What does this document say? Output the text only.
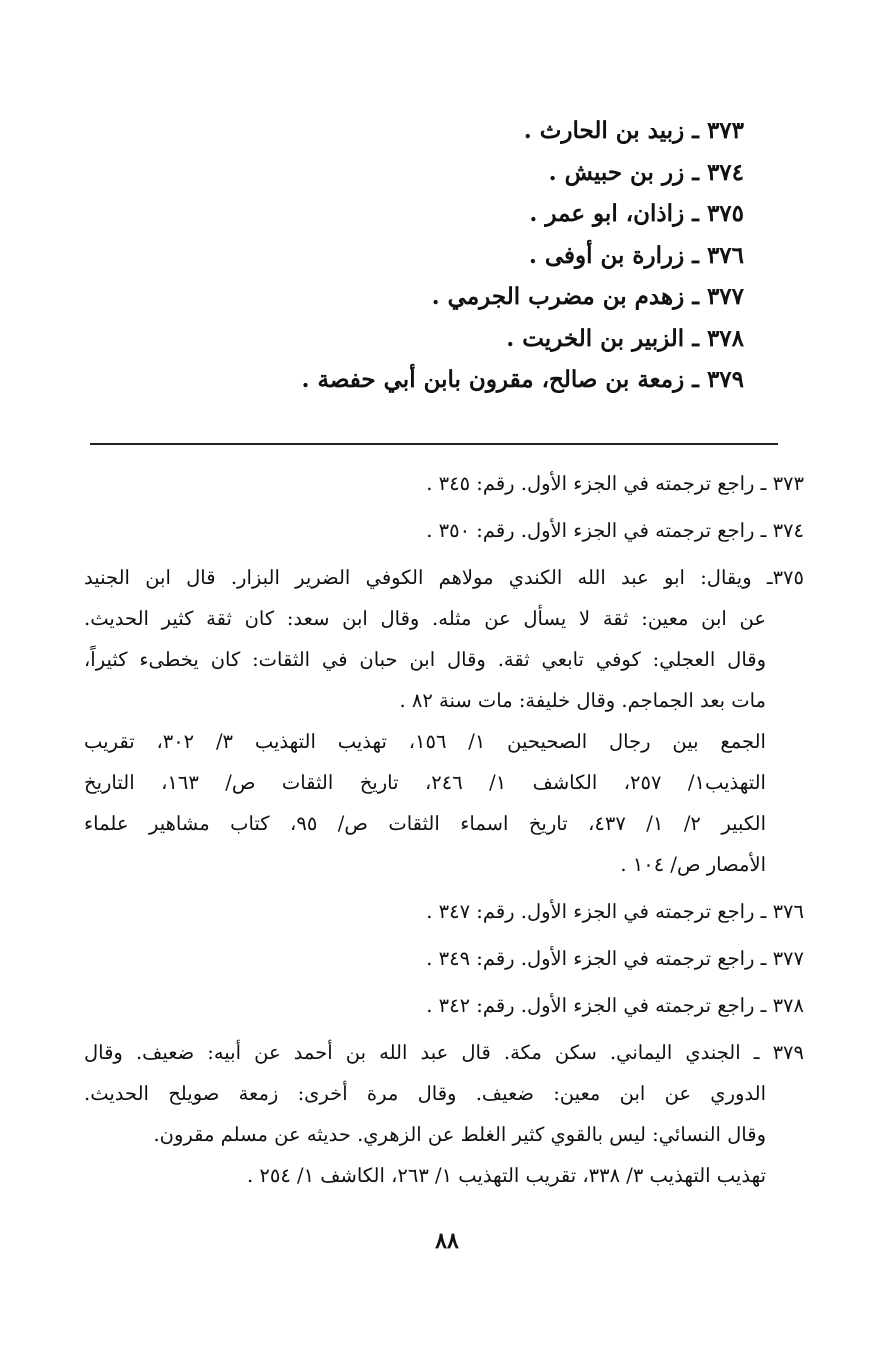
٣٧٣ ـ زبيد بن الحارث .
٣٧٤ ـ زر بن حبيش .
٣٧٥ ـ زاذان، ابو عمر .
٣٧٦ ـ زرارة بن أوفى .
٣٧٧ ـ زهدم بن مضرب الجرمي .
٣٧٨ ـ الزبير بن الخريت .
٣٧٩ ـ زمعة بن صالح، مقرون بابن أبي حفصة .
٣٧٣ ـ راجع ترجمته في الجزء الأول. رقم: ٣٤٥ .
٣٧٤ ـ راجع ترجمته في الجزء الأول. رقم: ٣٥٠ .
٣٧٥ـ ويقال: ابو عبد الله الكندي مولاهم الكوفي الضرير البزار. قال ابن الجنيد
عن ابن معين: ثقة لا يسأل عن مثله. وقال ابن سعد: كان ثقة كثير الحديث.
وقال العجلي: كوفي تابعي ثقة. وقال ابن حبان في الثقات: كان يخطىء كثيراً،
مات بعد الجماجم. وقال خليفة: مات سنة ٨٢ .
الجمع بين رجال الصحيحين ١/ ١٥٦، تهذيب التهذيب ٣/ ٣٠٢، تقريب
التهذيب١/ ٢٥٧، الكاشف ١/ ٢٤٦، تاريخ الثقات ص/ ١٦٣، التاريخ
الكبير ٢/ ١/ ٤٣٧، تاريخ اسماء الثقات ص/ ٩٥، كتاب مشاهير علماء
الأمصار ص/ ١٠٤ .
٣٧٦ ـ راجع ترجمته في الجزء الأول. رقم: ٣٤٧ .
٣٧٧ ـ راجع ترجمته في الجزء الأول. رقم: ٣٤٩ .
٣٧٨ ـ راجع ترجمته في الجزء الأول. رقم: ٣٤٢ .
٣٧٩ ـ الجندي اليماني. سكن مكة. قال عبد الله بن أحمد عن أبيه: ضعيف. وقال
الدوري عن ابن معين: ضعيف. وقال مرة أخرى: زمعة صويلح الحديث.
وقال النسائي: ليس بالقوي كثير الغلط عن الزهري. حديثه عن مسلم مقرون.
تهذيب التهذيب ٣/ ٣٣٨، تقريب التهذيب ١/ ٢٦٣، الكاشف ١/ ٢٥٤ .
٨٨
